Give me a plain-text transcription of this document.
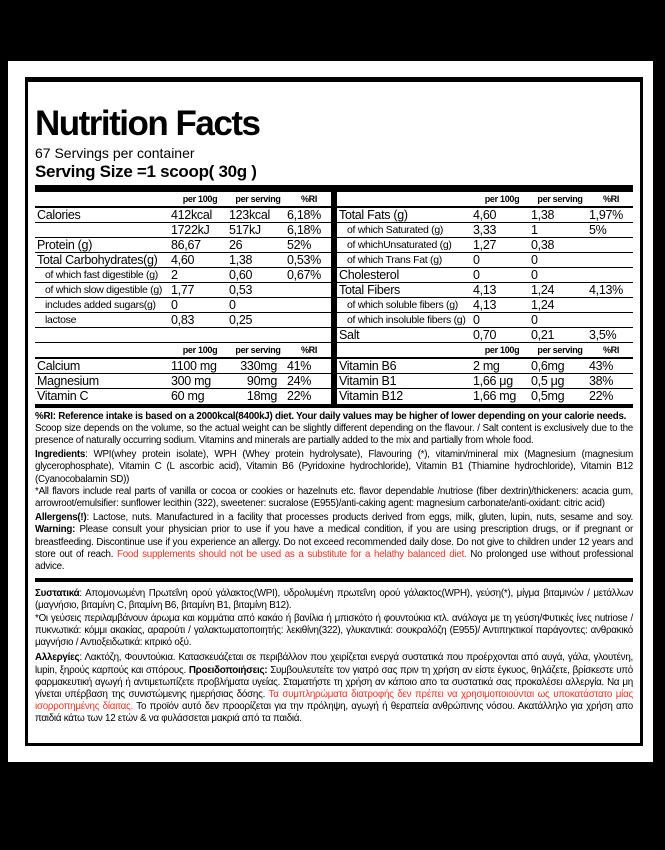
Nutrition Facts
67 Servings per container
Serving Size =1 scoop( 30g )
per 100g	per serving	%RI
Calories	412kcal	123kcal	6,18%
1722kJ	517kJ	6,18%
Protein (g)	86,67	26	52%
Total Carbohydrates(g)	4,60	1,38	0,53%
of which fast digestible (g)	2	0,60	0,67%
of which slow digestible (g) 1,77	0,53
includes added sugars(g)	0	0
lactose	0,83	0,25
per 100g	per serving	%RI
Calcium	1100 mg	330mg 41%
Magnesium	300 mg	90mg 24%
Vitamin C	60 mg	18mg 22%
per 100g	per serving	%RI
Total Fats (g)	4,60	1,38	1,97%
of which Saturated (g)	3,33	1	5%
of whichUnsaturated (g)	1,27	0,38
of which Trans Fat (g)	0	0
Cholesterol	0	0
Total Fibers	4,13	1,24	4,13%
of which soluble fibers (g)	4,13	1,24
of which insoluble fibers (g) 0	0
Salt	0,70	0,21	3,5%
per 100g	per serving	%RI
Vitamin B6	2 mg	0,6mg	43%
Vitamin B1	1,66 μg	0,5 μg	38%
Vitamin B12	1,66 mg	0,5mg	22%

%RI: Reference intake is based on a 2000kcal(8400kJ) diet. Your daily values may be higher of lower depending on your calorie needs.

Scoop size depends on the volume, so the actual weight can be slightly different depending on the flavour. / Salt content is exclusively due to the presence of naturally occurring sodium. Vitamins and minerals are partially added to the mix and partially from whole food.

Ingredients: WPI(whey protein isolate), WPH (Whey protein hydrolysate), Flavouring (*), vitamin/mineral mix (Magnesium (magnesium glycerophosphate), Vitamin C (L ascorbic acid), Vitamin B6 (Pyridoxine hydrochloride), Vitamin B1 (Thiamine hydrochloride), Vitamin B12 (Cyanocobalamin SD))

*All flavors include real parts of vanilla or cocoa or cookies or hazelnuts etc. flavor dependable /nutriose (fiber dextrin)/thickeners: acacia gum, arrowroot/emulsifier: sunflower lecithin (322), sweetener: sucralose (E955)/anti-caking agent: magnesium carbonate/anti-oxidant: citric acid)

Allergens(!): Lactose, nuts. Manufactured in a facility that processes products derived from eggs, milk, gluten, lupin, nuts, sesame and soy. Warning: Please consult your physician prior to use if you have a medical condition, if you are using prescription drugs, or if pregnant or breastfeeding. Discontinue use if you experience an allergy. Do not exceed recommended daily dose. Do not give to children under 12 years and store out of reach. Food supplements should not be used as a substitute for a helathy balanced diet. No prolonged use without professional advice.

Συστατικά: Απομονωμένη Πρωτεΐνη ορού γάλακτος(WPI), υδρολυμένη πρωτεΐνη ορού γάλακτος(WPH), γεύση(*), μίγμα βιταμινών / μετάλλων (μαγνήσιο, βιταμίνη C, βιταμίνη B6, βιταμίνη B1, βιταμίνη B12).

*Οι γεύσεις περιλαμβάνουν άρωμα και κομμάτια από κακάο ή βανίλια ή μπισκότο ή φουντούκια κτλ. ανάλογα με τη γεύση/Φυτικές ίνες nutriose / πυκνωτικά: κόμμι ακακίας, αραρούτι / γαλακτωματοποιητής: λεκιθίνη(322), γλυκαντικά: σουκραλόζη (E955)/ Αντιπηκτικοί παράγοντες: ανθρακικό μαγνήσιο / Αντιοξειδωτικά: κιτρικό οξύ.

Αλλεργίες: Λακτόζη, Φουντούκια. Κατασκευάζεται σε περιβάλλον που χειρίζεται ενεργά συστατικά που προέρχονται από αυγά, γάλα, γλουτένη, lupin, ξηρούς καρπούς και σπόρους. Προειδοποιήσεις: Συμβουλευτείτε τον γιατρό σας πριν τη χρήση αν είστε έγκυος, θηλάζετε, βρίσκεστε υπό φαρμακευτική αγωγή ή αντιμετωπίζετε προβλήματα υγείας. Σταματήστε τη χρήση αν κάποιο απο τα συστατικά σας προκαλέσει αλλεργία. Να μη γίνεται υπέρβαση της συνιστώμενης ημερήσιας δόσης. Τα συμπληρώματα διατροφής δεν πρέπει να χρησιμοποιούνται ως υποκατάστατο μίας ισορροπημένης δίαιτας. Το προϊόν αυτό δεν προορίζεται για την πρόληψη, αγωγή ή θεραπεία ανθρώπινης νόσου. Ακατάλληλο για χρήση απο παιδιά κάτω των 12 ετών & να φυλάσσεται μακριά από τα παιδιά.
